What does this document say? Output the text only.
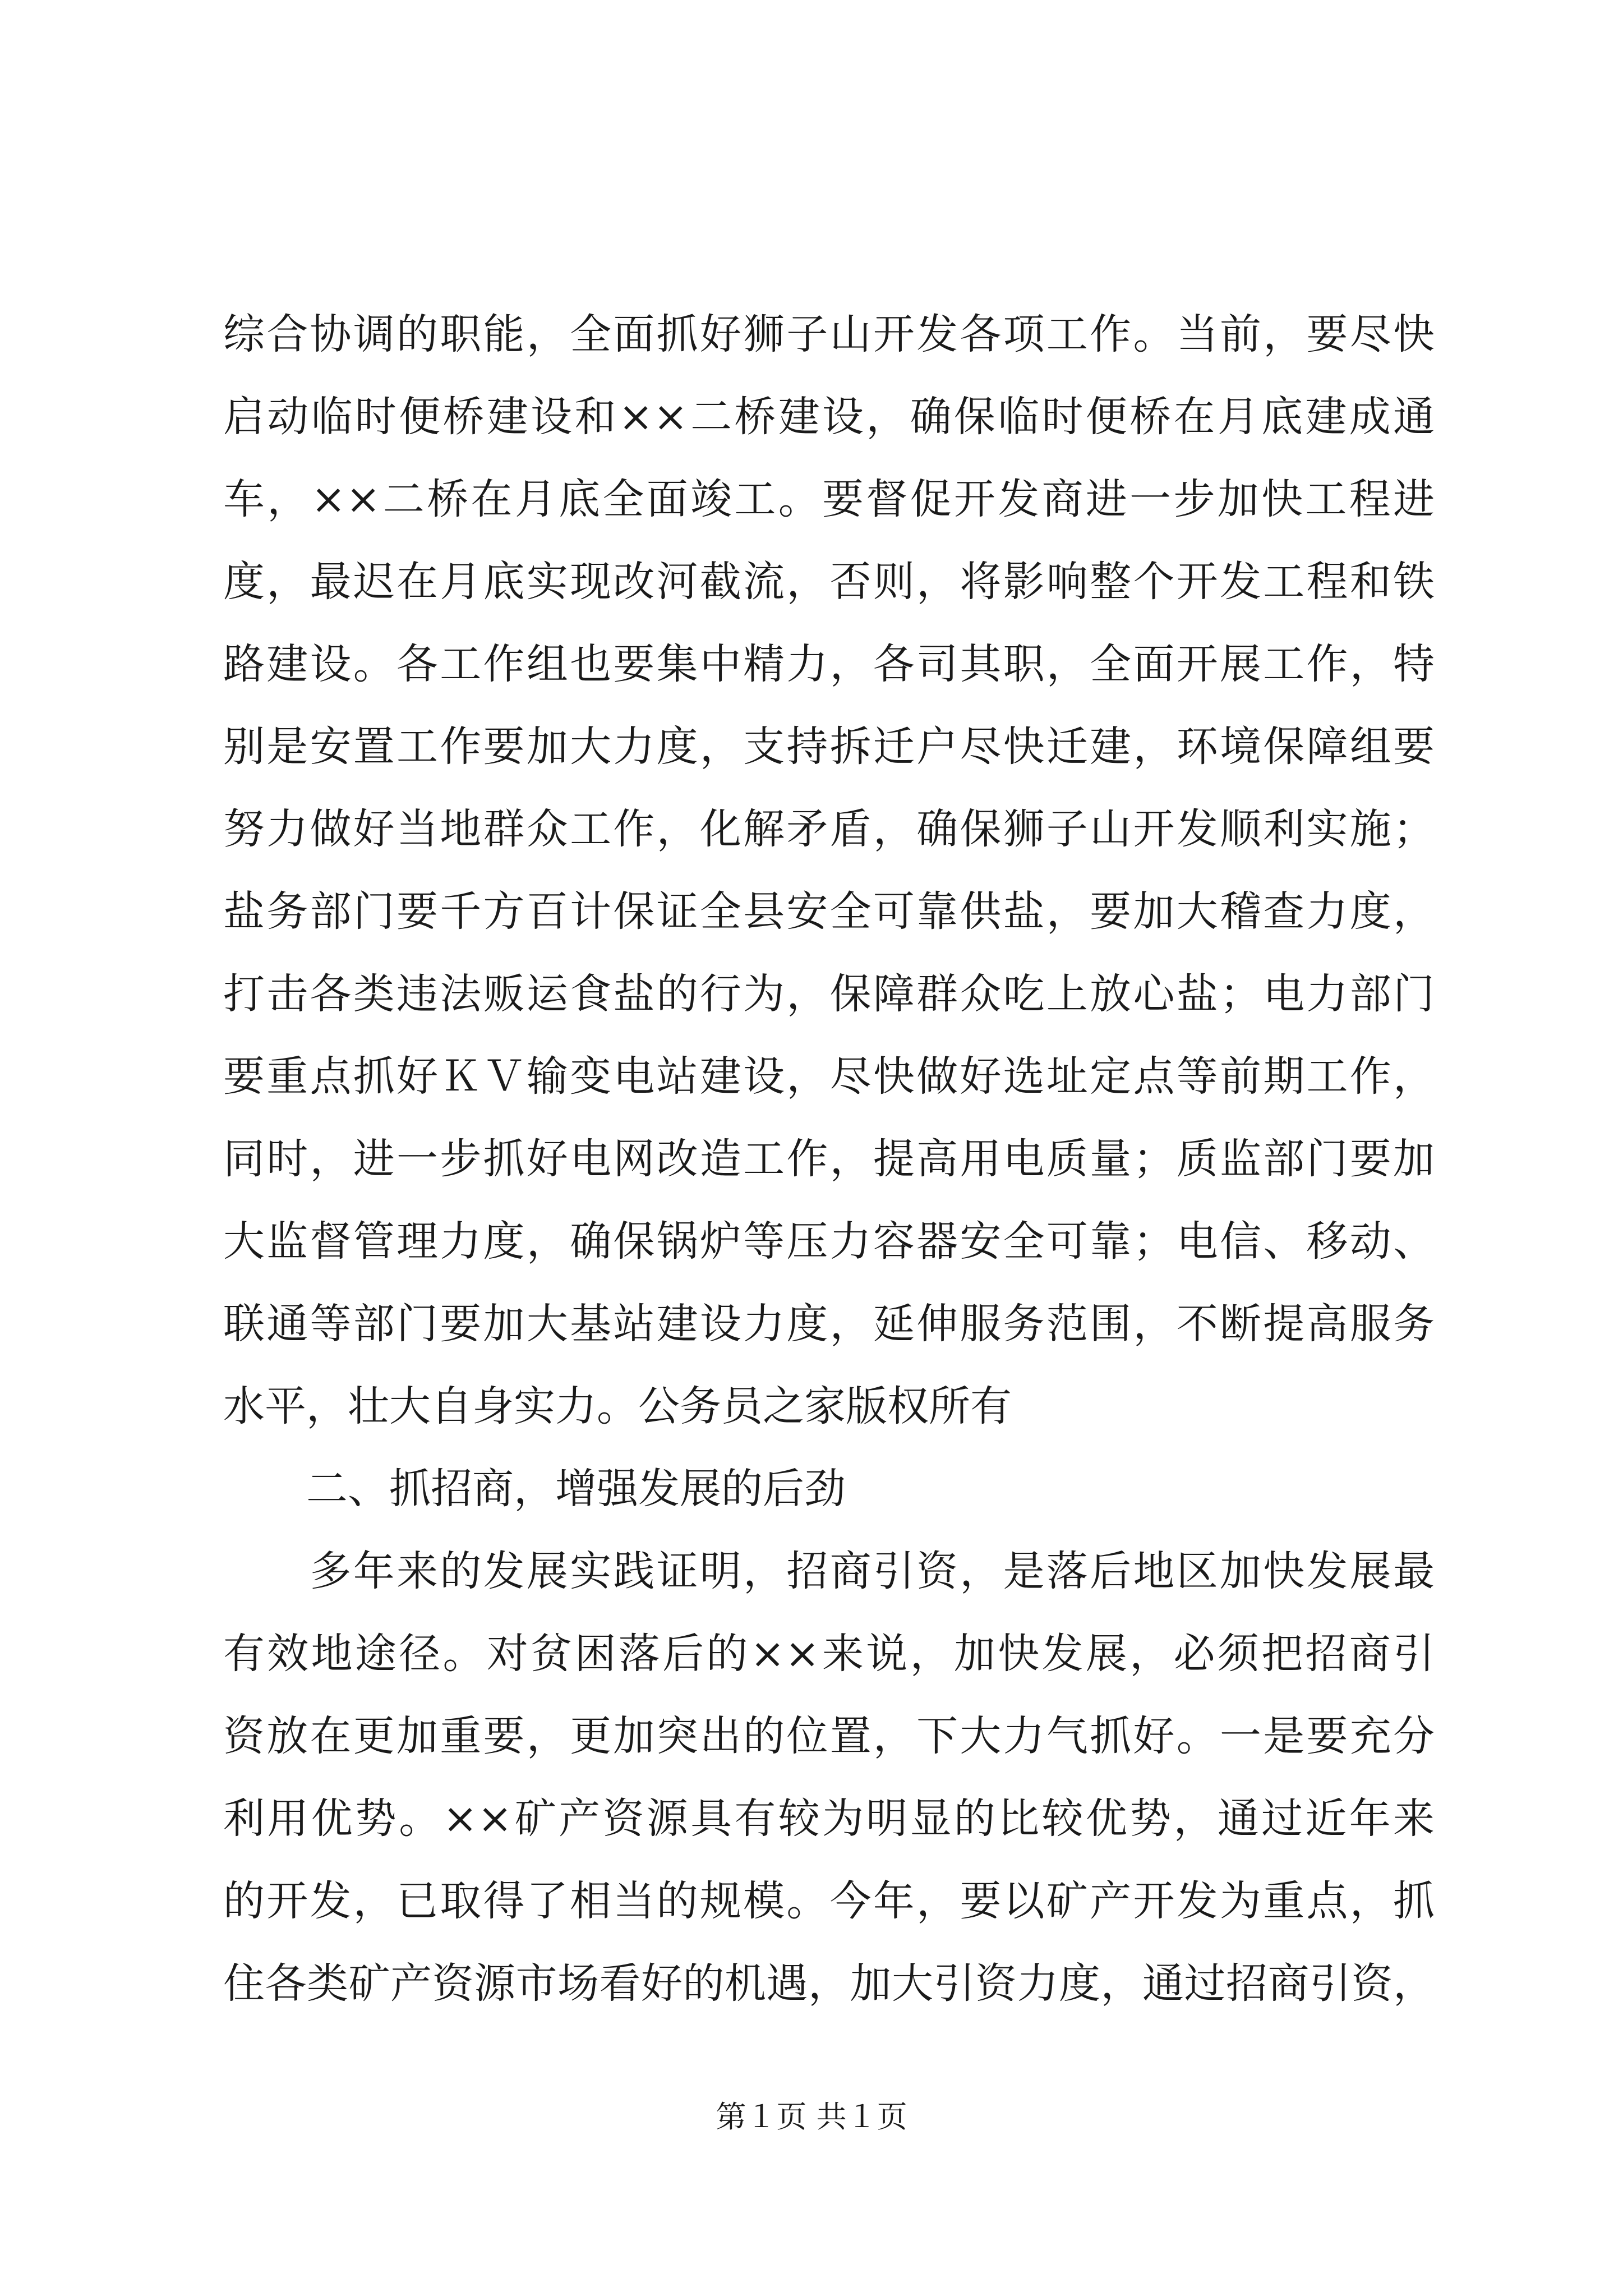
综合协调的职能，全面抓好狮子山开发各项工作。当前，要尽快
启动临时便桥建设和××二桥建设，确保临时便桥在月底建成通
车，××二桥在月底全面竣工。要督促开发商进一步加快工程进
度，最迟在月底实现改河截流，否则，将影响整个开发工程和铁
路建设。各工作组也要集中精力，各司其职，全面开展工作，特
别是安置工作要加大力度，支持拆迁户尽快迁建，环境保障组要
努力做好当地群众工作，化解矛盾，确保狮子山开发顺利实施；
盐务部门要千方百计保证全县安全可靠供盐，要加大稽查力度，
打击各类违法贩运食盐的行为，保障群众吃上放心盐；电力部门
要重点抓好ＫＶ输变电站建设，尽快做好选址定点等前期工作，
同时，进一步抓好电网改造工作，提高用电质量；质监部门要加
大监督管理力度，确保锅炉等压力容器安全可靠；电信、移动、
联通等部门要加大基站建设力度，延伸服务范围，不断提高服务
水平，壮大自身实力。公务员之家版权所有
　　二、抓招商，增强发展的后劲
　　多年来的发展实践证明，招商引资，是落后地区加快发展最
有效地途径。对贫困落后的××来说，加快发展，必须把招商引
资放在更加重要，更加突出的位置，下大力气抓好。一是要充分
利用优势。××矿产资源具有较为明显的比较优势，通过近年来
的开发，已取得了相当的规模。今年，要以矿产开发为重点，抓
住各类矿产资源市场看好的机遇，加大引资力度，通过招商引资，
第１页 共１页
